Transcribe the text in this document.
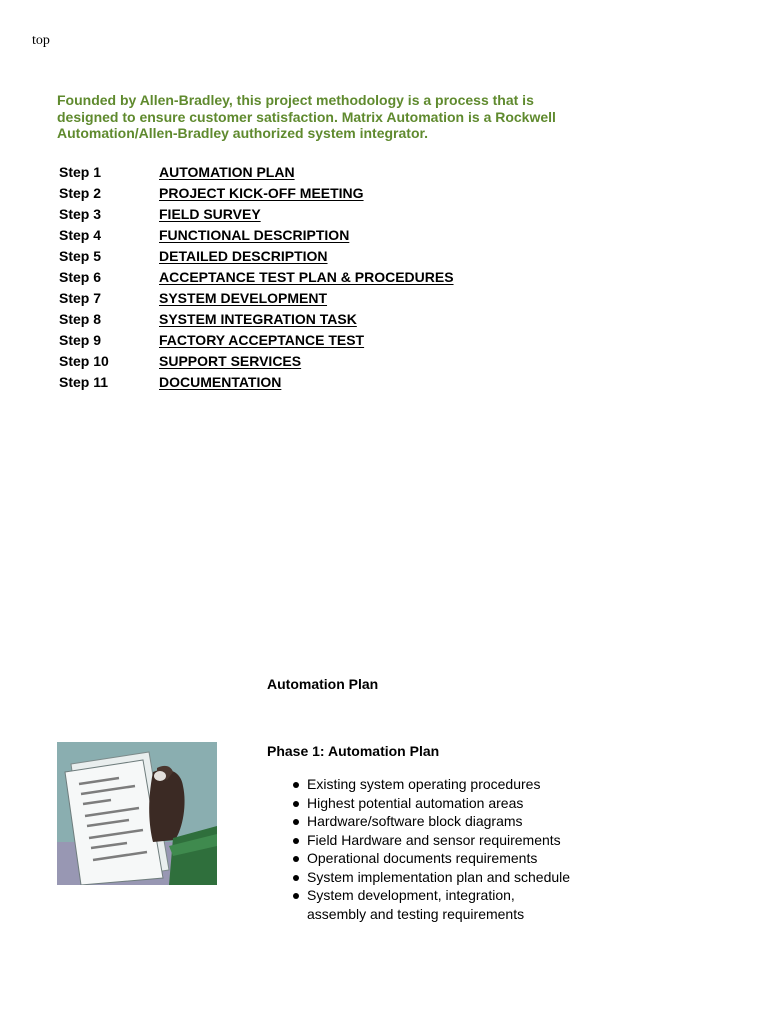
top

Founded by Allen-Bradley, this project methodology is a process that is designed to ensure customer satisfaction. Matrix Automation is a Rockwell Automation/Allen-Bradley authorized system integrator.

Step 1	AUTOMATION PLAN
Step 2	PROJECT KICK-OFF MEETING
Step 3	FIELD SURVEY
Step 4	FUNCTIONAL DESCRIPTION
Step 5	DETAILED DESCRIPTION
Step 6	ACCEPTANCE TEST PLAN & PROCEDURES
Step 7	SYSTEM DEVELOPMENT
Step 8	SYSTEM INTEGRATION TASK
Step 9	FACTORY ACCEPTANCE TEST
Step 10	SUPPORT SERVICES
Step 11	DOCUMENTATION
Automation Plan
Phase 1: Automation Plan
Existing system operating procedures
Highest potential automation areas
Hardware/software block diagrams
Field Hardware and sensor requirements
Operational documents requirements
System implementation plan and schedule
System development, integration, assembly and testing requirements
